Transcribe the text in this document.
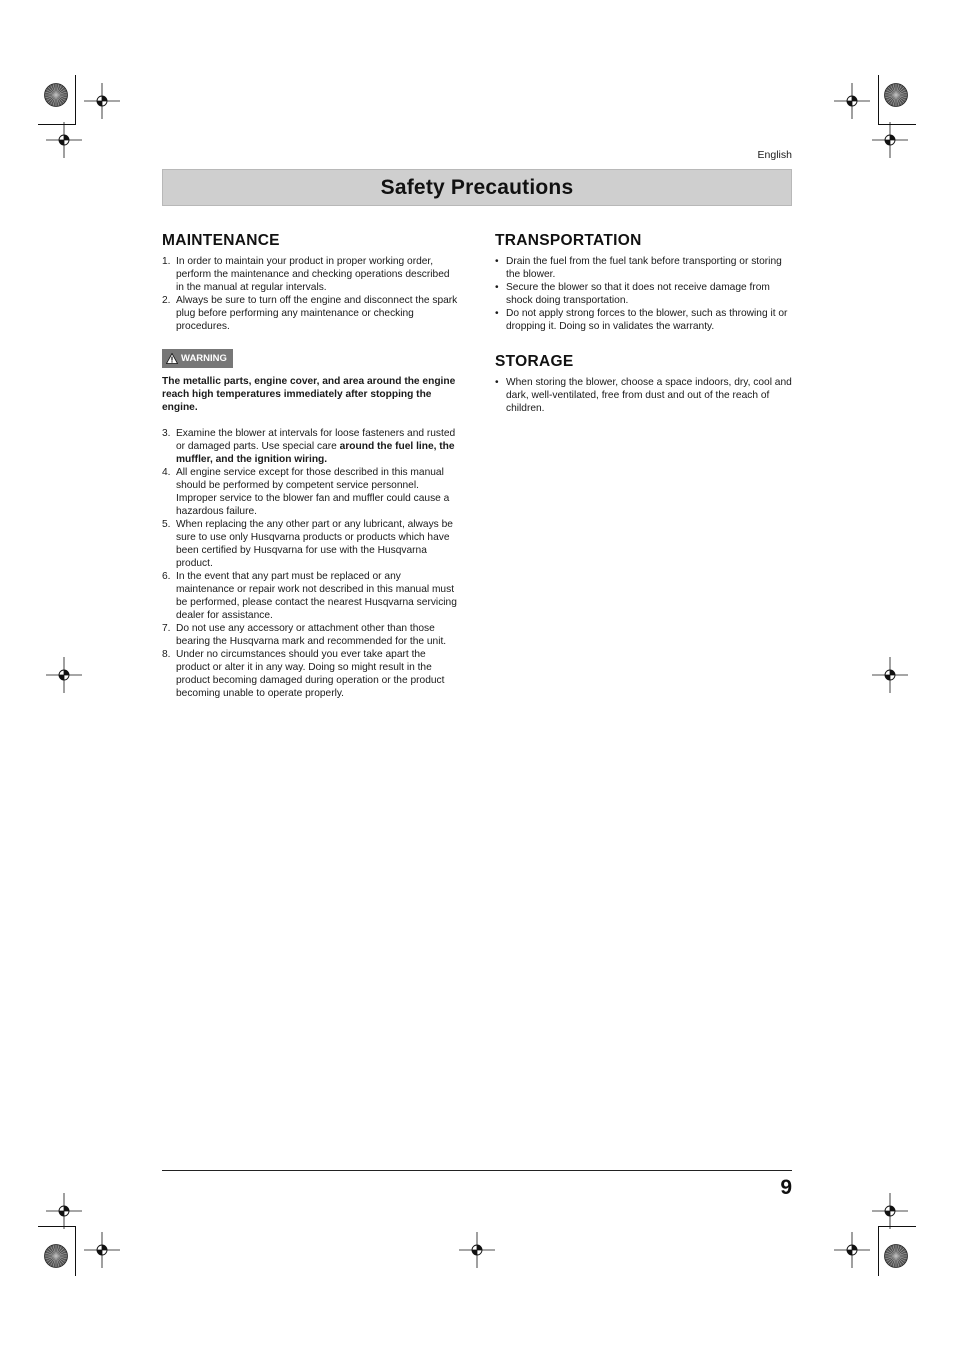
English
Safety Precautions
MAINTENANCE
1. In order to maintain your product in proper working order, perform the maintenance and checking operations described in the manual at regular intervals.
2. Always be sure to turn off the engine and disconnect the spark plug before performing any maintenance or checking procedures.
WARNING
The metallic parts, engine cover, and area around the engine reach high temperatures immediately after stopping the engine.
3. Examine the blower at intervals for loose fasteners and rusted or damaged parts. Use special care around the fuel line, the muffler, and the ignition wiring.
4. All engine service except for those described in this manual should be performed by competent service personnel. Improper service to the blower fan and muffler could cause a hazardous failure.
5. When replacing the any other part or any lubricant, always be sure to use only Husqvarna products or products which have been certified by Husqvarna for use with the Husqvarna product.
6. In the event that any part must be replaced or any maintenance or repair work not described in this manual must be performed, please contact the nearest Husqvarna servicing dealer for assistance.
7. Do not use any accessory or attachment other than those bearing the Husqvarna mark and recommended for the unit.
8. Under no circumstances should you ever take apart the product or alter it in any way. Doing so might result in the product becoming damaged during operation or the product becoming unable to operate properly.
TRANSPORTATION
• Drain the fuel from the fuel tank before transporting or storing the blower.
• Secure the blower so that it does not receive damage from shock doing transportation.
• Do not apply strong forces to the blower, such as throwing it or dropping it. Doing so in validates the warranty.
STORAGE
• When storing the blower, choose a space indoors, dry, cool and dark, well-ventilated, free from dust and out of the reach of children.
9
